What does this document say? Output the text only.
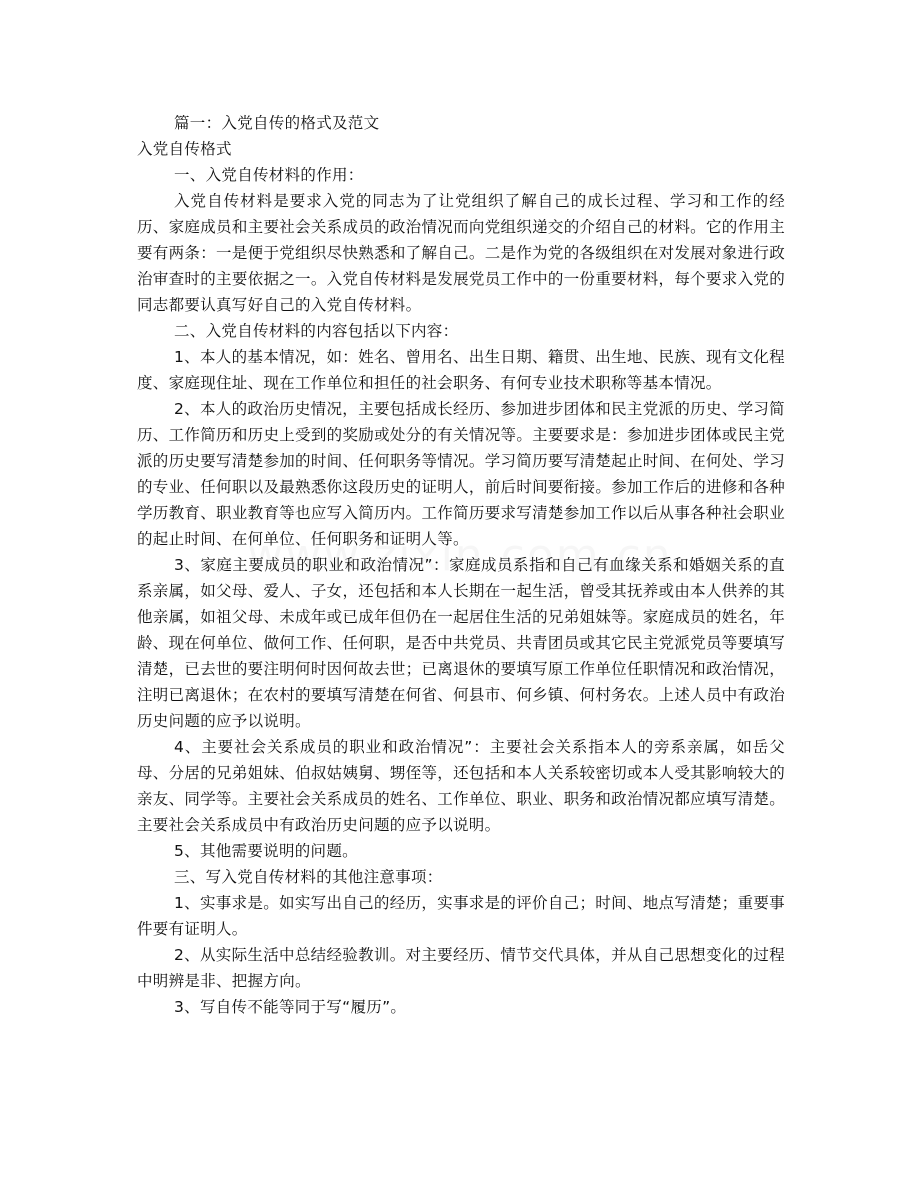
篇一：入党自传的格式及范文

入党自传格式

一、入党自传材料的作用：

入党自传材料是要求入党的同志为了让党组织了解自己的成长过程、学习和工作的经历、家庭成员和主要社会关系成员的政治情况而向党组织递交的介绍自己的材料。它的作用主要有两条：一是便于党组织尽快熟悉和了解自己。二是作为党的各级组织在对发展对象进行政治审查时的主要依据之一。入党自传材料是发展党员工作中的一份重要材料，每个要求入党的同志都要认真写好自己的入党自传材料。

二、入党自传材料的内容包括以下内容：

1、本人的基本情况，如：姓名、曾用名、出生日期、籍贯、出生地、民族、现有文化程度、家庭现住址、现在工作单位和担任的社会职务、有何专业技术职称等基本情况。

2、本人的政治历史情况，主要包括成长经历、参加进步团体和民主党派的历史、学习简历、工作简历和历史上受到的奖励或处分的有关情况等。主要要求是：参加进步团体或民主党派的历史要写清楚参加的时间、任何职务等情况。学习简历要写清楚起止时间、在何处、学习的专业、任何职以及最熟悉你这段历史的证明人，前后时间要衔接。参加工作后的进修和各种学历教育、职业教育等也应写入简历内。工作简历要求写清楚参加工作以后从事各种社会职业的起止时间、在何单位、任何职务和证明人等。

3、家庭主要成员的职业和政治情况”：家庭成员系指和自己有血缘关系和婚姻关系的直系亲属，如父母、爱人、子女，还包括和本人长期在一起生活，曾受其抚养或由本人供养的其他亲属，如祖父母、未成年或已成年但仍在一起居住生活的兄弟姐妹等。家庭成员的姓名，年龄、现在何单位、做何工作、任何职，是否中共党员、共青团员或其它民主党派党员等要填写清楚，已去世的要注明何时因何故去世；已离退休的要填写原工作单位任职情况和政治情况，注明已离退休；在农村的要填写清楚在何省、何县市、何乡镇、何村务农。上述人员中有政治历史问题的应予以说明。

4、主要社会关系成员的职业和政治情况”：主要社会关系指本人的旁系亲属，如岳父母、分居的兄弟姐妹、伯叔姑姨舅、甥侄等，还包括和本人关系较密切或本人受其影响较大的亲友、同学等。主要社会关系成员的姓名、工作单位、职业、职务和政治情况都应填写清楚。主要社会关系成员中有政治历史问题的应予以说明。

5、其他需要说明的问题。

三、写入党自传材料的其他注意事项：

1、实事求是。如实写出自己的经历，实事求是的评价自己；时间、地点写清楚；重要事件要有证明人。

2、从实际生活中总结经验教训。对主要经历、情节交代具体，并从自己思想变化的过程中明辨是非、把握方向。

3、写自传不能等同于写“履历”。
